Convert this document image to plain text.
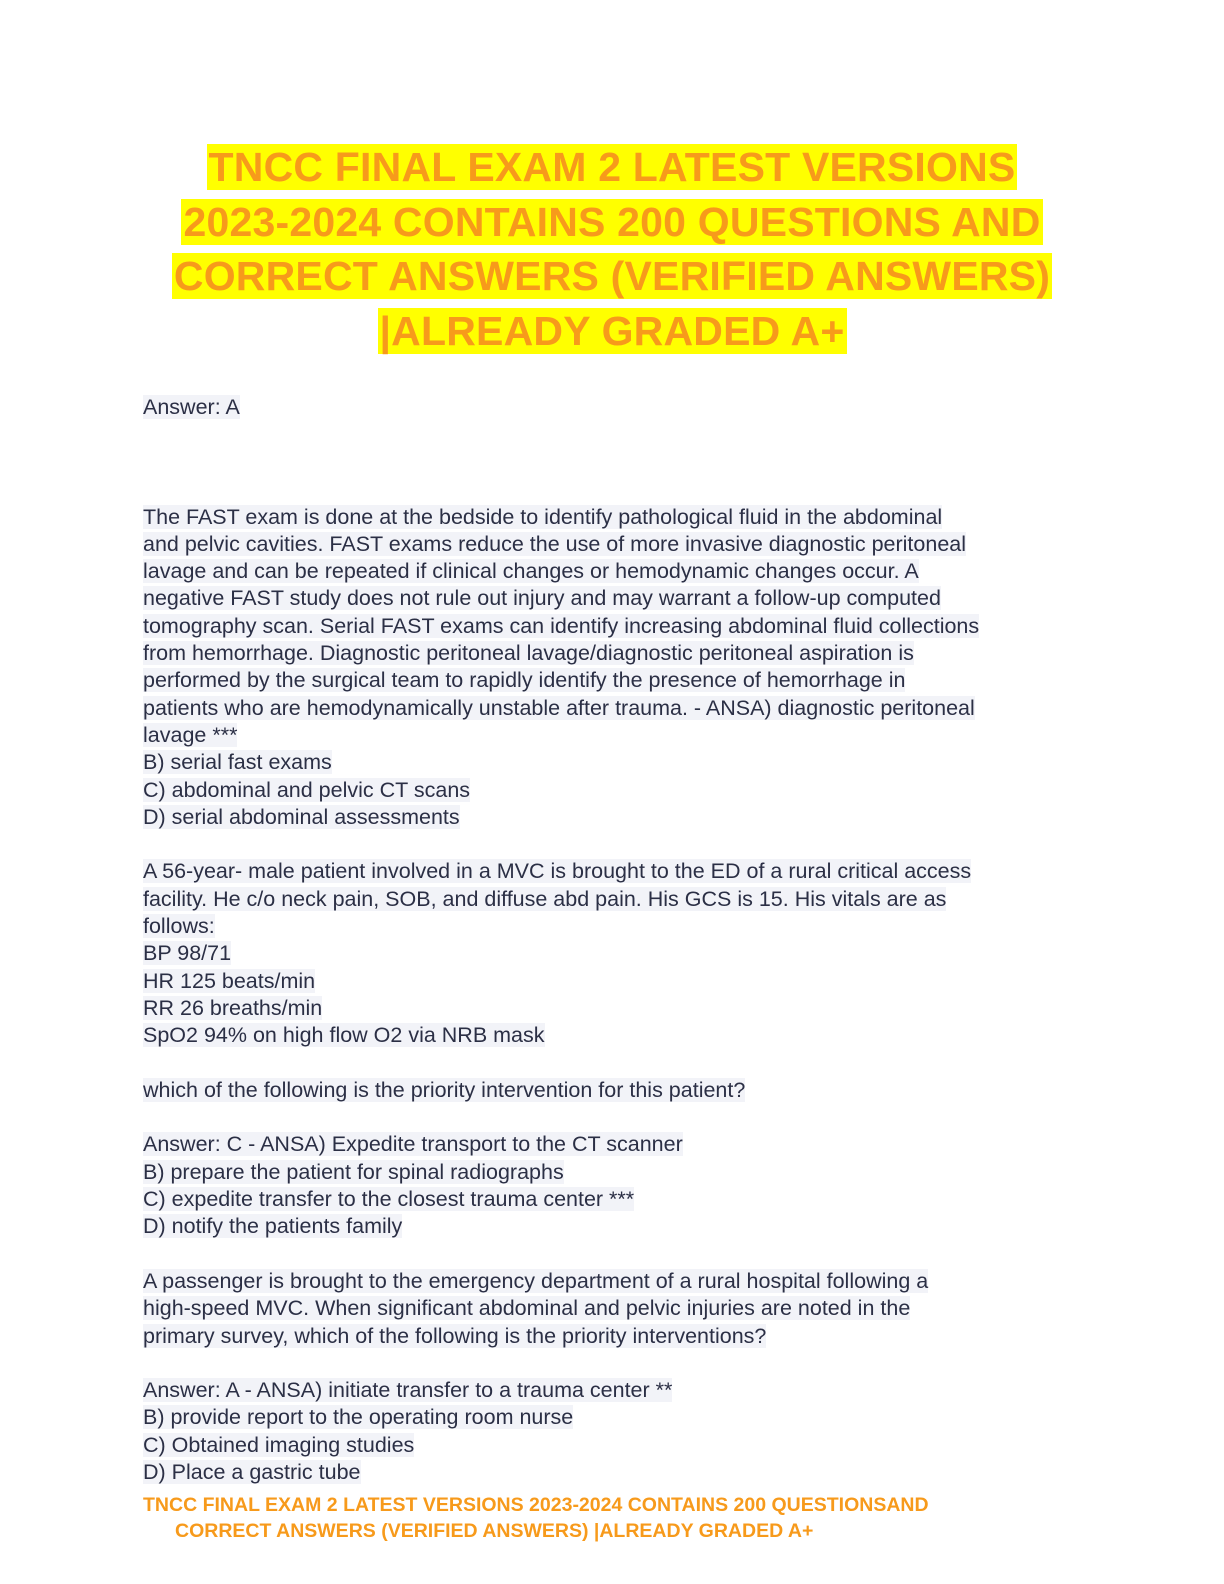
TNCC FINAL EXAM 2 LATEST VERSIONS
2023-2024 CONTAINS 200 QUESTIONS AND
CORRECT ANSWERS (VERIFIED ANSWERS)
|ALREADY GRADED A+
Answer: A
The FAST exam is done at the bedside to identify pathological fluid in the abdominal
and pelvic cavities. FAST exams reduce the use of more invasive diagnostic peritoneal
lavage and can be repeated if clinical changes or hemodynamic changes occur. A
negative FAST study does not rule out injury and may warrant a follow-up computed
tomography scan. Serial FAST exams can identify increasing abdominal fluid collections
from hemorrhage. Diagnostic peritoneal lavage/diagnostic peritoneal aspiration is
performed by the surgical team to rapidly identify the presence of hemorrhage in
patients who are hemodynamically unstable after trauma. - ANSA) diagnostic peritoneal
lavage ***
B) serial fast exams
C) abdominal and pelvic CT scans
D) serial abdominal assessments
A 56-year- male patient involved in a MVC is brought to the ED of a rural critical access
facility. He c/o neck pain, SOB, and diffuse abd pain. His GCS is 15. His vitals are as
follows:
BP 98/71
HR 125 beats/min
RR 26 breaths/min
SpO2 94% on high flow O2 via NRB mask
which of the following is the priority intervention for this patient?
Answer: C - ANSA) Expedite transport to the CT scanner
B) prepare the patient for spinal radiographs
C) expedite transfer to the closest trauma center ***
D) notify the patients family
A passenger is brought to the emergency department of a rural hospital following a
high-speed MVC. When significant abdominal and pelvic injuries are noted in the
primary survey, which of the following is the priority interventions?
Answer: A - ANSA) initiate transfer to a trauma center **
B) provide report to the operating room nurse
C) Obtained imaging studies
D) Place a gastric tube
TNCC FINAL EXAM 2 LATEST VERSIONS 2023-2024 CONTAINS 200 QUESTIONSAND
CORRECT ANSWERS (VERIFIED ANSWERS) |ALREADY GRADED A+
